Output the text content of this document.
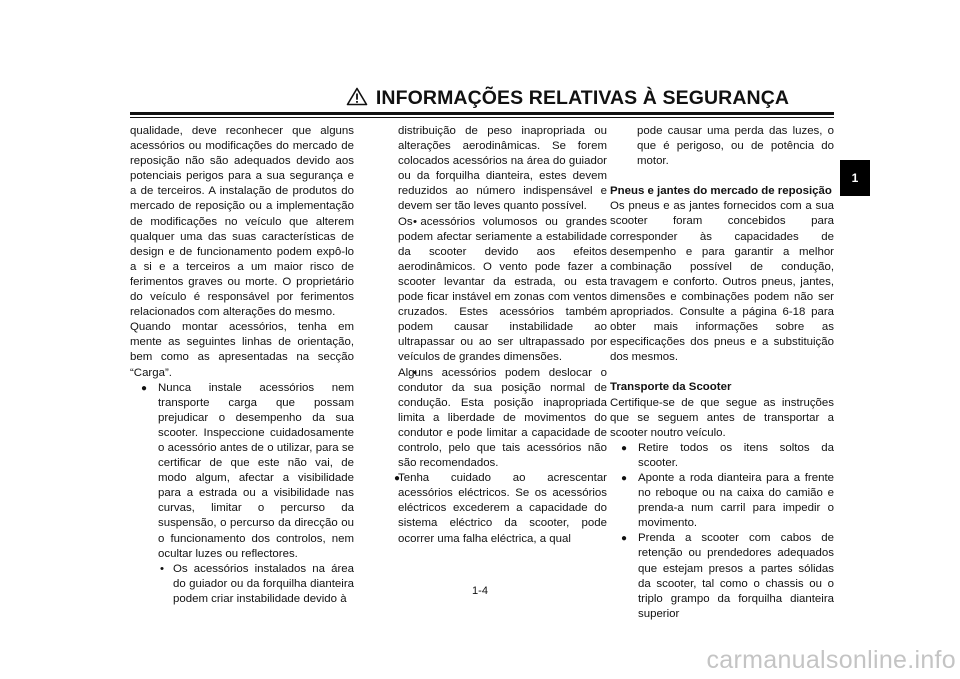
INFORMAÇÕES RELATIVAS À SEGURANÇA
1

qualidade, deve reconhecer que alguns acessórios ou modificações do mercado de reposição não são adequados devido aos potenciais perigos para a sua segurança e a de terceiros. A instalação de produtos do mercado de reposição ou a implementação de modificações no veículo que alterem qualquer uma das suas características de design e de funcionamento podem expô-lo a si e a terceiros a um maior risco de ferimentos graves ou morte. O proprietário do veículo é responsável por ferimentos relacionados com alterações do mesmo.

Quando montar acessórios, tenha em mente as seguintes linhas de orientação, bem como as apresentadas na secção “Carga”.

● Nunca instale acessórios nem transporte carga que possam prejudicar o desempenho da sua scooter. Inspeccione cuidadosamente o acessório antes de o utilizar, para se certificar de que este não vai, de modo algum, afectar a visibilidade para a estrada ou a visibilidade nas curvas, limitar o percurso da suspensão, o percurso da direcção ou o funcionamento dos controlos, nem ocultar luzes ou reflectores.

• Os acessórios instalados na área do guiador ou da forquilha dianteira podem criar instabilidade devido à

distribuição de peso inapropriada ou alterações aerodinâmicas. Se forem colocados acessórios na área do guiador ou da forquilha dianteira, estes devem reduzidos ao número indispensável e devem ser tão leves quanto possível.

• Os acessórios volumosos ou grandes podem afectar seriamente a estabilidade da scooter devido aos efeitos aerodinâmicos. O vento pode fazer a scooter levantar da estrada, ou esta pode ficar instável em zonas com ventos cruzados. Estes acessórios também podem causar instabilidade ao ultrapassar ou ao ser ultrapassado por veículos de grandes dimensões.

• Alguns acessórios podem deslocar o condutor da sua posição normal de condução. Esta posição inapropriada limita a liberdade de movimentos do condutor e pode limitar a capacidade de controlo, pelo que tais acessórios não são recomendados.

● Tenha cuidado ao acrescentar acessórios eléctricos. Se os acessórios eléctricos excederem a capacidade do sistema eléctrico da scooter, pode ocorrer uma falha eléctrica, a qual

pode causar uma perda das luzes, o que é perigoso, ou de potência do motor.

Pneus e jantes do mercado de reposição

Os pneus e as jantes fornecidos com a sua scooter foram concebidos para corresponder às capacidades de desempenho e para garantir a melhor combinação possível de condução, travagem e conforto. Outros pneus, jantes, dimensões e combinações podem não ser apropriados. Consulte a página 6-18 para obter mais informações sobre as especificações dos pneus e a substituição dos mesmos.

Transporte da Scooter

Certifique-se de que segue as instruções que se seguem antes de transportar a scooter noutro veículo.

● Retire todos os itens soltos da scooter.

● Aponte a roda dianteira para a frente no reboque ou na caixa do camião e prenda-a num carril para impedir o movimento.

● Prenda a scooter com cabos de retenção ou prendedores adequados que estejam presos a partes sólidas da scooter, tal como o chassis ou o triplo grampo da forquilha dianteira superior

1-4
carmanualsonline.info
